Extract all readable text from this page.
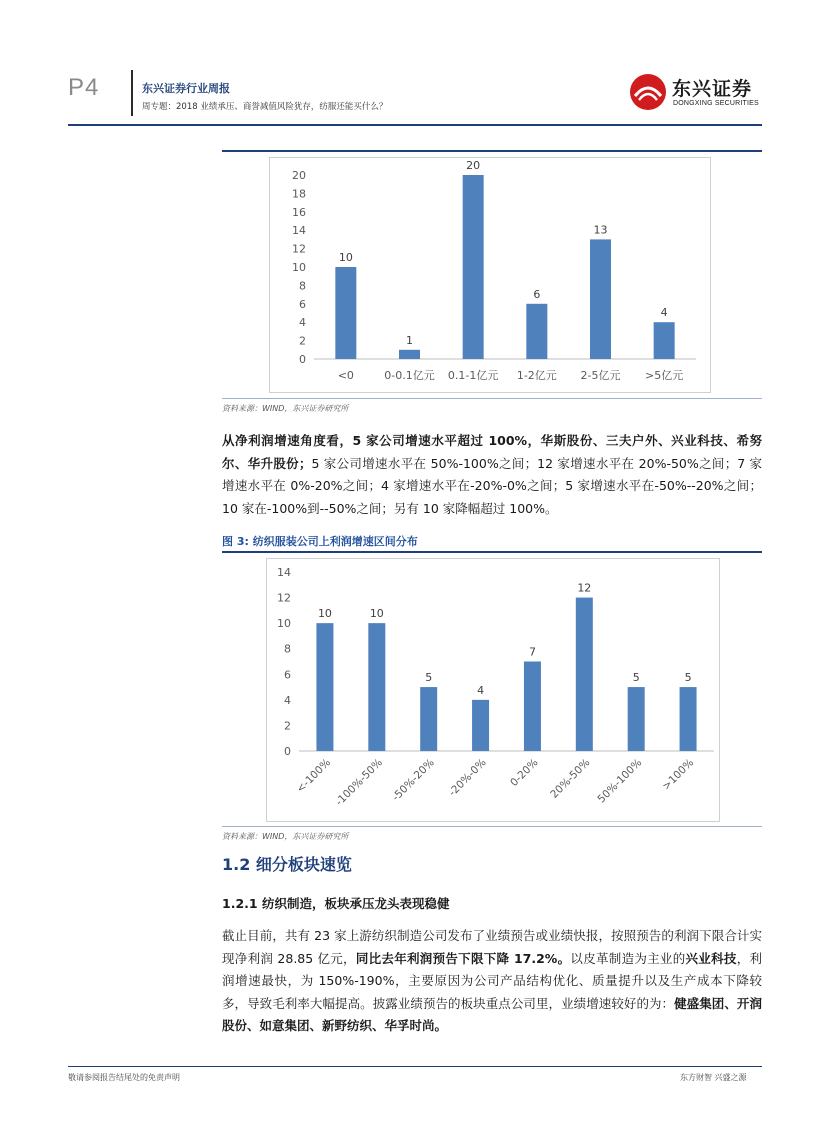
P4	东兴证券行业周报
周专题：2018 业绩承压、商誉减值风险犹存，纺服还能买什么？
东兴证券
DONGXING SECURITIES
0
2
4
6
8
10
12
14
16
18
20
10
<0
1
0-0.1亿元
20
0.1-1亿元
6
1-2亿元
13
2-5亿元
4
>5亿元
资料来源：WIND，东兴证券研究所
从净利润增速角度看，5 家公司增速水平超过 100%，华斯股份、三夫户外、兴业科技、希努尔、华升股份；5 家公司增速水平在 50%-100%之间；12 家增速水平在 20%-50%之间；7 家增速水平在 0%-20%之间；4 家增速水平在-20%-0%之间；5 家增速水平在-50%--20%之间；10 家在-100%到--50%之间；另有 10 家降幅超过 100%。
图 3: 纺织服装公司上利润增速区间分布
0
2
4
6
8
10
12
14
10
<-100%
10
-100%-50%
5
-50%-20%
4
-20%-0%
7
0-20%
12
20%-50%
5
50%-100%
5
>100%
资料来源：WIND，东兴证券研究所
1.2 细分板块速览
1.2.1 纺织制造，板块承压龙头表现稳健
截止目前，共有 23 家上游纺织制造公司发布了业绩预告或业绩快报，按照预告的利润下限合计实现净利润 28.85 亿元，同比去年利润预告下限下降 17.2%。以皮革制造为主业的兴业科技，利润增速最快，为 150%-190%，主要原因为公司产品结构优化、质量提升以及生产成本下降较多，导致毛利率大幅提高。披露业绩预告的板块重点公司里，业绩增速较好的为：健盛集团、开润股份、如意集团、新野纺织、华孚时尚。
敬请参阅报告结尾处的免责声明	东方财智 兴盛之源
